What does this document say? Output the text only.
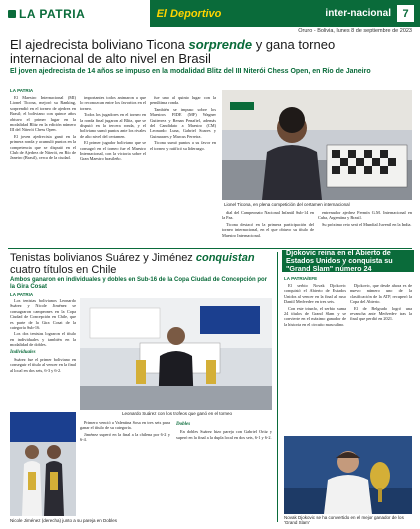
LA PATRIA	El Deportivo	inter-nacional	7
Oruro - Bolivia, lunes 8 de septiembre de 2023
El ajedrecista boliviano Ticona sorprende y gana torneo internacional de alto nivel en Brasil
El joven ajedrecista de 14 años se impuso en la modalidad Blitz del III Niterói Chess Open, en Río de Janeiro
LA PATRIA

El Maestro Internacional (MI) Lionel Ticona, mejoró su Ranking, sorprendió en el torneo de ajedrez en Brasil; el boliviano con quince años obtuvo el primer lugar en la modalidad Blitz en la edición número III del Niterói Chess Open.

El joven ajedrecista ganó en la primera ronda y acumuló puntos en la competencia que se disputó en el Club de Ajedrez de Niterói, en Río de Janeiro (Brasil), cerca de la ciudad.

importantes todos animaron a que lo reconozcan entre los favoritos en el torneo.

Todos los jugadores en el torneo en la ronda final jugaron al Blitz, que se disputó en la tercera ronda, y el boliviano sumó puntos ante los rivales de alto nivel del certamen.

El primer jugador boliviano que se consagró en el torneo fue el Maestro Internacional, con la victoria sobre el Gran Maestro brasileño.

fue uno al quinto lugar con la penúltima ronda.

También se impuso sobre los Maestros FIDE (MF) Wagner Gutierrez y Renan Penafiel, además del Candidato a Maestro (CM) Leonardo Luna, Gabriel Soares y Guimaraes y Marcus Ferreira.

Ticona sumó puntos a su favor en el torneo y ratificó su liderazgo.

Lionel Ticona, en plena competición del certamen internacional

dial del Campeonato Nacional Infantil Sub-14 en la Paz.

Ticona destacó en la primera participación del torneo internacional, en el que obtuvo su título de Maestro Internacional.

entrenador ajedrez Fermín G.M. Internacional en Cuba, Argentina y Brasil.

Su próximo reto será el Mundial Juvenil en la India.

Tenistas bolivianos Suárez y Jiménez conquistan cuatro títulos en Chile
Ambos ganaron en individuales y dobles en Sub-16 de la Copa Ciudad de Concepción por la Gira Cosat
LA PATRIA

Los tenistas bolivianos Leonardo Suárez y Nicole Jiménez se consagraron campeones en la Copa Ciudad de Concepción en Chile, que es parte de la Gira Cosat de la categoría Sub-16.

Los dos tenistas lograron el título en individuales y también en la modalidad de dobles.

Individuales

Suárez fue el primer boliviano en conseguir el título al vencer en la final al local en dos sets, 6-3 y 6-2.

Leonardo Suárez con los trofeos que ganó en el torneo
Nicole Jiménez (derecha) junto a su pareja en Dobles

Primero venció a Valentina Sosa en tres sets para ganar el título de su categoría.

Jiménez superó en la final a la chilena por 6-2 y 6-4.

Dobles

En dobles Suárez hizo pareja con Gabriel Ortiz y superó en la final a la dupla local en dos sets, 6-1 y 6-2.

Djokovic reina en el Abierto de Estados Unidos y conquista su "Grand Slam" número 24
LA PATRIA/EFE

El serbio Novak Djokovic conquistó el Abierto de Estados Unidos al vencer en la final al ruso Daniil Medvedev en tres sets.

Con este triunfo, el serbio suma 24 títulos de Grand Slam y se convierte en el máximo ganador de la historia en el circuito masculino.

Djokovic, que desde ahora es de nuevo número uno de la clasificación de la ATP, recuperó la Copa del Abierto.

El de Belgrado logró una revancha ante Medvedev tras la final que perdió en 2021.

Novak Djokovic se ha convertido en el mejor ganador de los 'Grand Slam'
